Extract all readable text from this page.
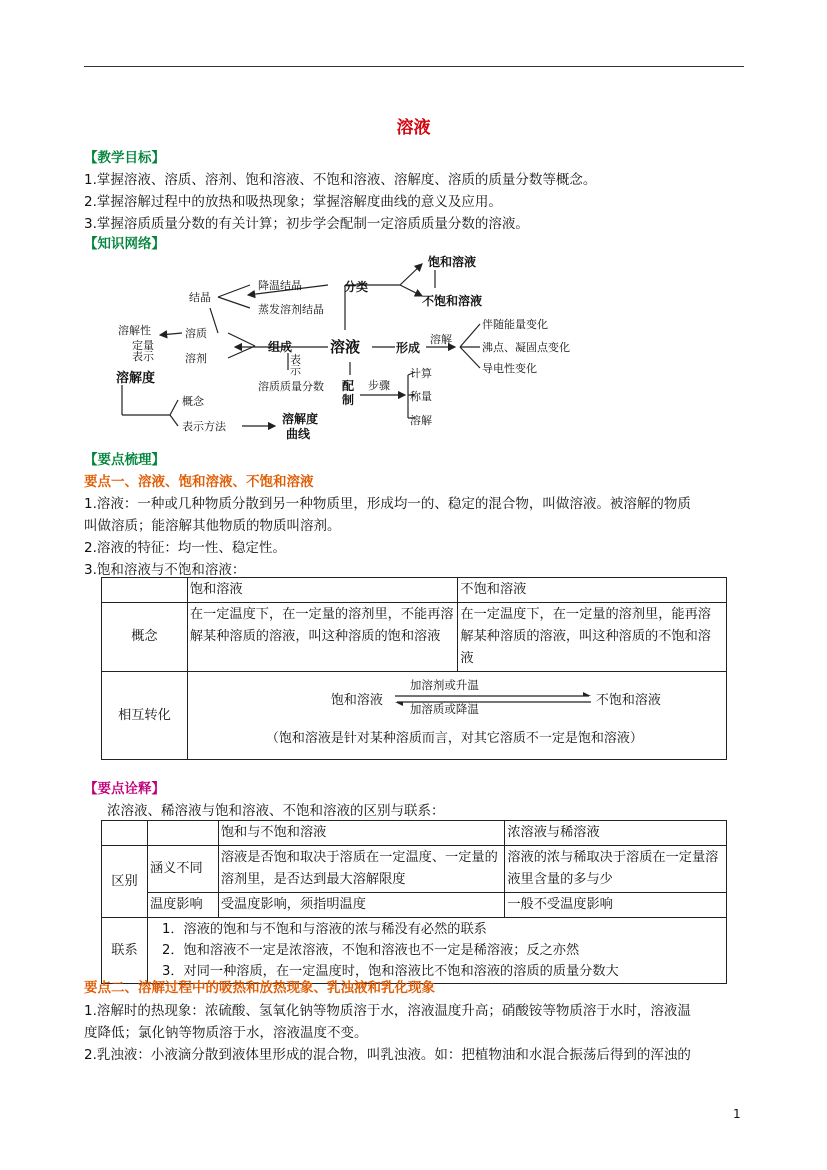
溶液
【教学目标】
1.掌握溶液、溶质、溶剂、饱和溶液、不饱和溶液、溶解度、溶质的质量分数等概念。
2.掌握溶解过程中的放热和吸热现象；掌握溶解度曲线的意义及应用。
3.掌握溶质质量分数的有关计算；初步学会配制一定溶质质量分数的溶液。
【知识网络】
分类
饱和溶液
不饱和溶液
结晶
降温结晶
蒸发溶剂结晶
溶质
溶剂
溶解性
定量
表示
溶解度
组成
表
示
溶质质量分数
溶液	形成
溶解
伴随能量变化
沸点、凝固点变化
导电性变化
配
制
步骤
计算
称量
溶解
概念
表示方法
溶解度
曲线
【要点梳理】
要点一、溶液、饱和溶液、不饱和溶液
1.溶液：一种或几种物质分散到另一种物质里，形成均一的、稳定的混合物，叫做溶液。被溶解的物质
叫做溶质；能溶解其他物质的物质叫溶剂。
2.溶液的特征：均一性、稳定性。
3.饱和溶液与不饱和溶液：
	饱和溶液	不饱和溶液
概念	在一定温度下，在一定量的溶剂里，不能再溶解某种溶质的溶液，叫这种溶质的饱和溶液	在一定温度下，在一定量的溶剂里，能再溶解某种溶质的溶液，叫这种溶质的不饱和溶液
相互转化	饱和溶液 不饱和溶液
加溶剂或升温
加溶质或降温
（饱和溶液是针对某种溶质而言，对其它溶质不一定是饱和溶液）	
【要点诠释】
浓溶液、稀溶液与饱和溶液、不饱和溶液的区别与联系：
		饱和与不饱和溶液	浓溶液与稀溶液
区别	涵义不同	溶液是否饱和取决于溶质在一定温度、一定量的溶剂里，是否达到最大溶解限度	溶液的浓与稀取决于溶质在一定量溶液里含量的多与少
	温度影响	受温度影响，须指明温度	一般不受温度影响
联系	1．溶液的饱和与不饱和与溶液的浓与稀没有必然的联系
2．饱和溶液不一定是浓溶液，不饱和溶液也不一定是稀溶液；反之亦然
3．对同一种溶质，在一定温度时，饱和溶液比不饱和溶液的溶质的质量分数大		
要点二、溶解过程中的吸热和放热现象、乳浊液和乳化现象
1.溶解时的热现象：浓硫酸、氢氧化钠等物质溶于水，溶液温度升高；硝酸铵等物质溶于水时，溶液温
度降低；氯化钠等物质溶于水，溶液温度不变。
2.乳浊液：小液滴分散到液体里形成的混合物，叫乳浊液。如：把植物油和水混合振荡后得到的浑浊的
1
